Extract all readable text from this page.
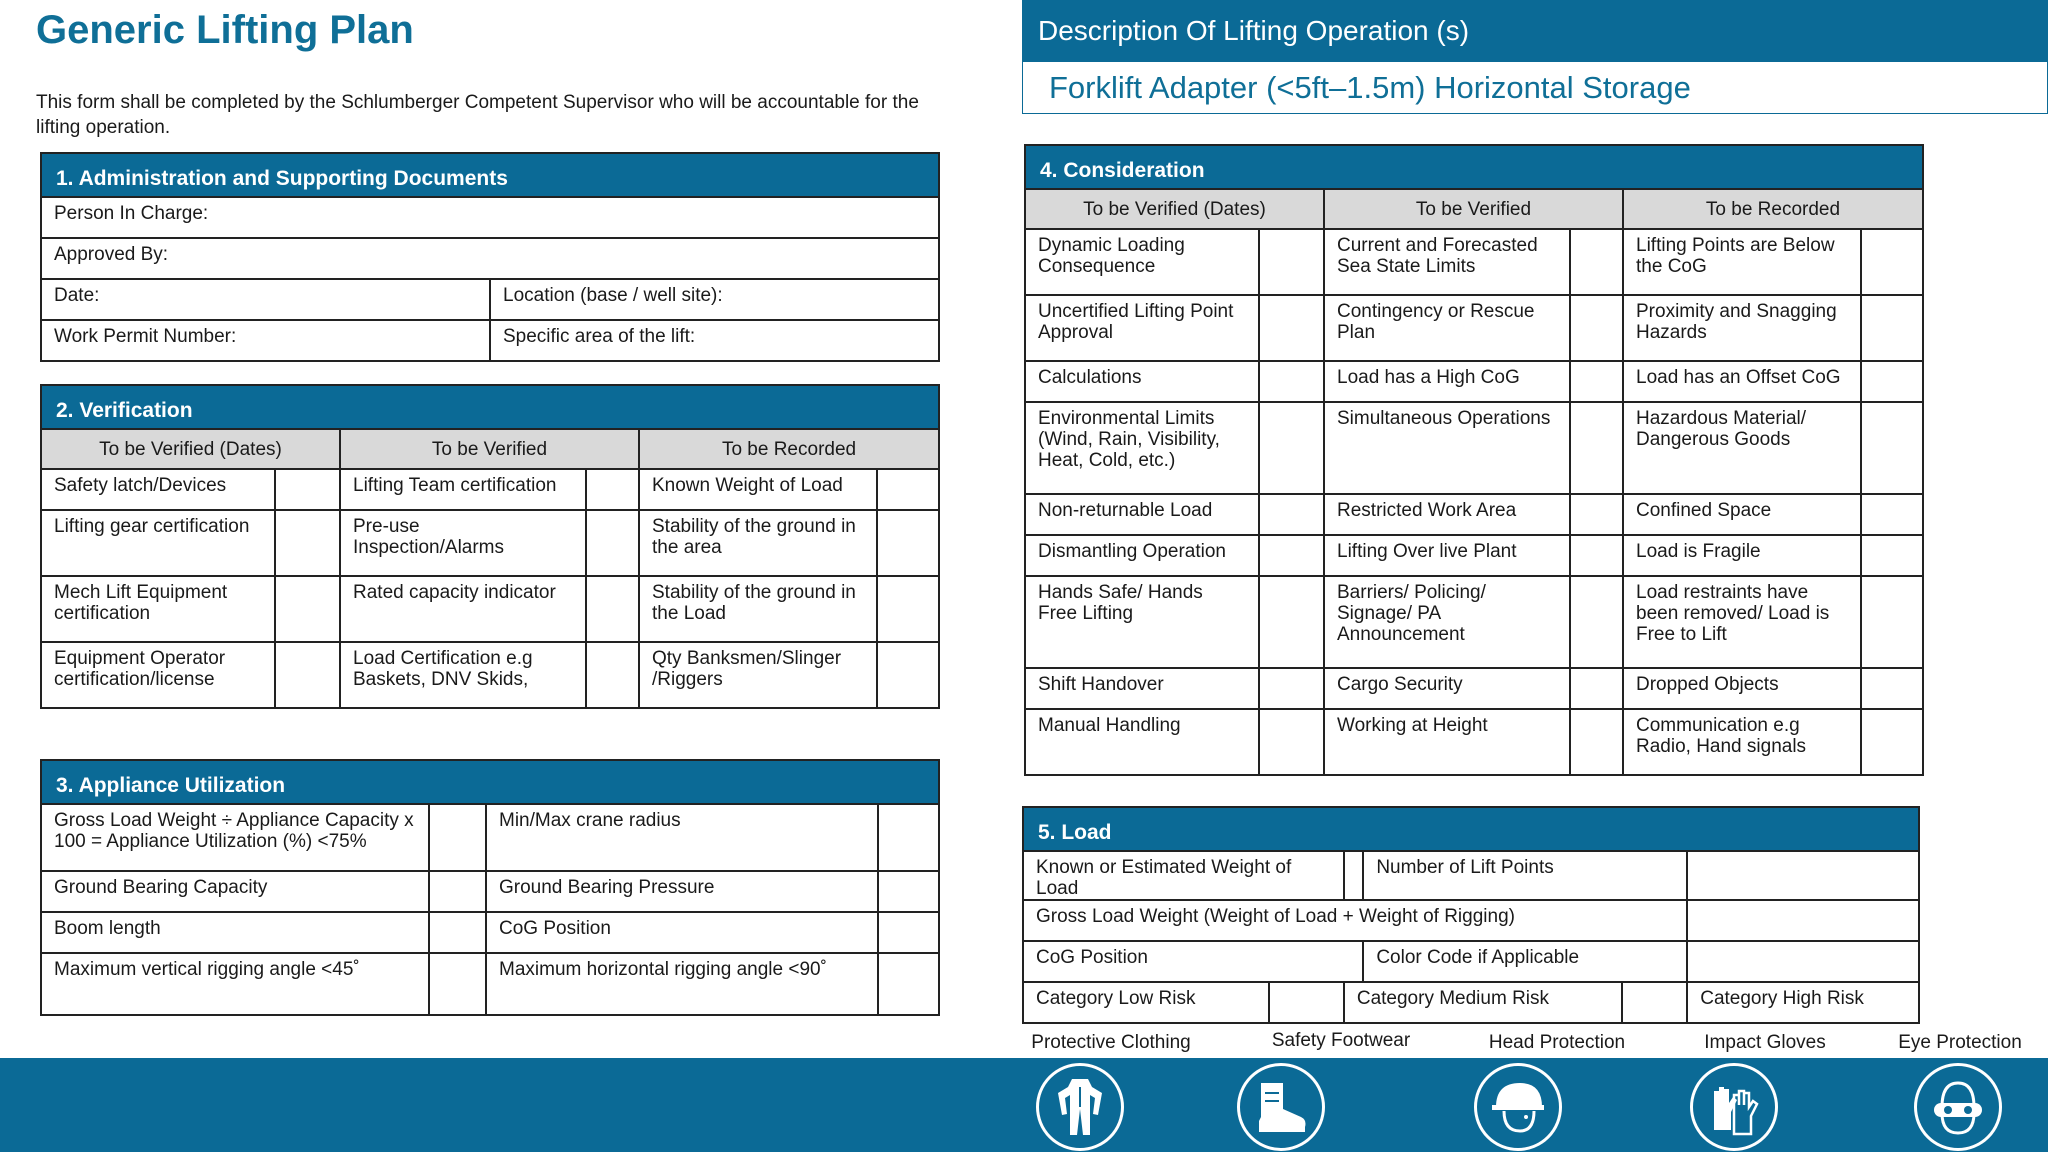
Generic Lifting Plan
This form shall be completed by the Schlumberger Competent Supervisor who will be accountable for the lifting operation.
Description Of Lifting Operation (s)
Forklift Adapter (<5ft–1.5m) Horizontal Storage
1. Administration and Supporting Documents	
Person In Charge:	
Approved By:	
Date:	Location (base / well site):
Work Permit Number:	Specific area of the lift:
2. Verification					
To be Verified (Dates)		To be Verified		To be Recorded	
Safety latch/Devices		Lifting Team certification		Known Weight of Load	
Lifting gear certification		Pre-use Inspection/Alarms		Stability of the ground in the area	
Mech Lift Equipment certification		Rated capacity indicator		Stability of the ground in the Load	
Equipment Operator certification/license		Load Certification e.g Baskets, DNV Skids,		Qty Banksmen/Slinger /Riggers	
3. Appliance Utilization			
Gross Load Weight ÷ Appliance Capacity x 100 = Appliance Utilization (%) <75%		Min/Max crane radius	
Ground Bearing Capacity		Ground Bearing Pressure	
Boom length		CoG Position	
Maximum vertical rigging angle <45˚		Maximum horizontal rigging angle <90˚	
4. Consideration					
To be Verified (Dates)		To be Verified		To be Recorded	
Dynamic Loading Consequence		Current and Forecasted Sea State Limits		Lifting Points are Below the CoG	
Uncertified Lifting Point Approval		Contingency or Rescue Plan		Proximity and Snagging Hazards	
Calculations		Load has a High CoG		Load has an Offset CoG	
Environmental Limits (Wind, Rain, Visibility, Heat, Cold, etc.)		Simultaneous Operations		Hazardous Material/ Dangerous Goods	
Non-returnable Load		Restricted Work Area		Confined Space	
Dismantling Operation		Lifting Over live Plant		Load is Fragile	
Hands Safe/ Hands Free Lifting		Barriers/ Policing/ Signage/ PA Announcement		Load restraints have been removed/ Load is Free to Lift	
Shift Handover		Cargo Security		Dropped Objects	
Manual Handling		Working at Height		Communication e.g Radio, Hand signals	
5. Load					
Known or Estimated Weight of Load			Number of Lift Points		
Gross Load Weight (Weight of Load + Weight of Rigging)					
CoG Position			Color Code if Applicable		
Category Low Risk		Category Medium Risk			Category High Risk
Protective Clothing	Safety Footwear	Head Protection	Impact Gloves	Eye Protection
